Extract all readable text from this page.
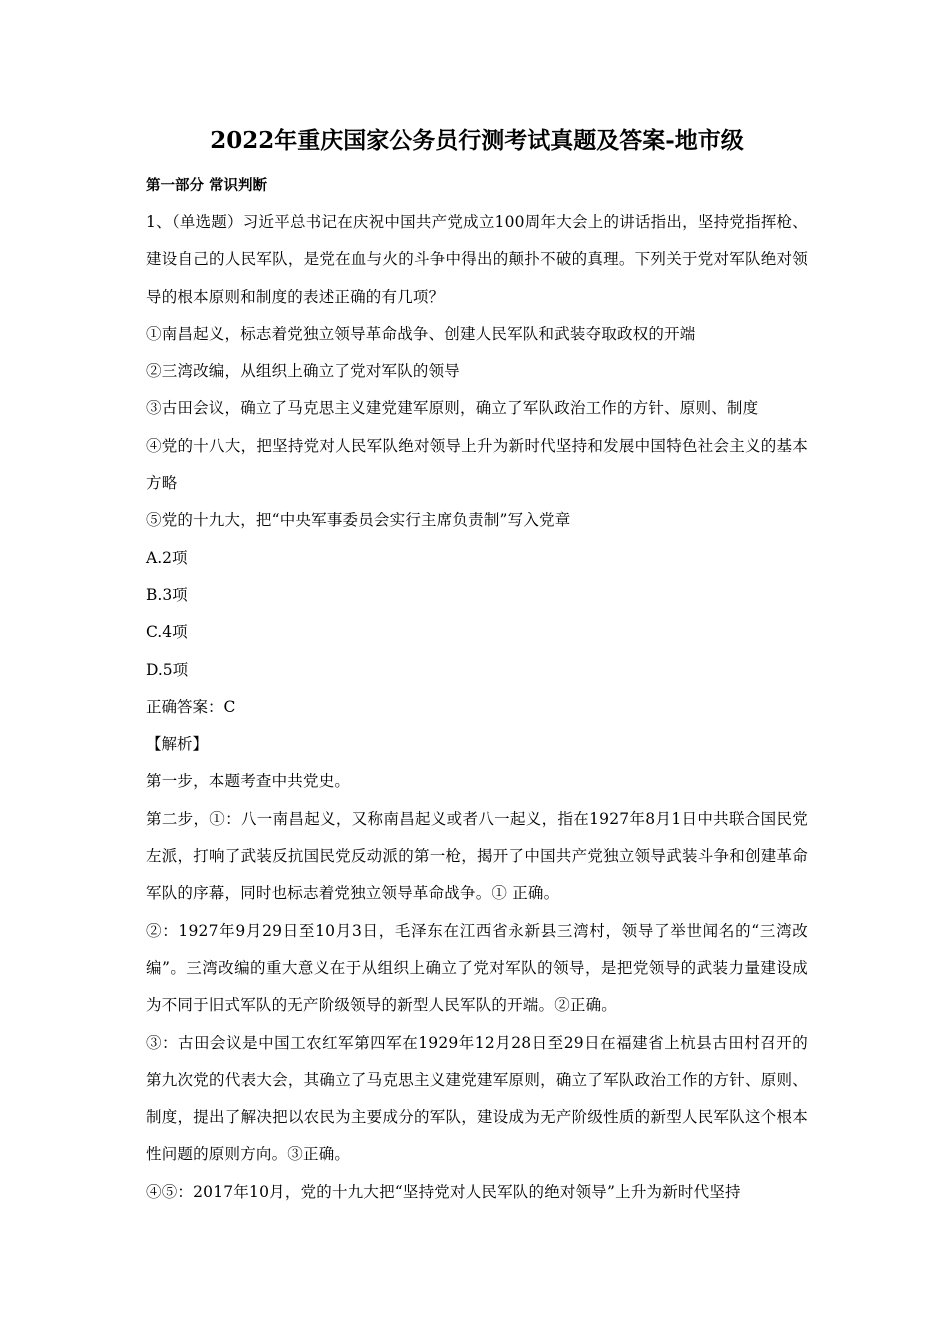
2022年重庆国家公务员行测考试真题及答案-地市级
第一部分 常识判断

1、（单选题）习近平总书记在庆祝中国共产党成立100周年大会上的讲话指出，坚持党指挥枪、建设自己的人民军队，是党在血与火的斗争中得出的颠扑不破的真理。下列关于党对军队绝对领导的根本原则和制度的表述正确的有几项？

①南昌起义，标志着党独立领导革命战争、创建人民军队和武装夺取政权的开端

②三湾改编，从组织上确立了党对军队的领导

③古田会议，确立了马克思主义建党建军原则，确立了军队政治工作的方针、原则、制度

④党的十八大，把坚持党对人民军队绝对领导上升为新时代坚持和发展中国特色社会主义的基本方略

⑤党的十九大，把“中央军事委员会实行主席负责制”写入党章

A.2项

B.3项

C.4项

D.5项

正确答案：C

【解析】

第一步，本题考查中共党史。

第二步，①：八一南昌起义，又称南昌起义或者八一起义，指在1927年8月1日中共联合国民党左派，打响了武装反抗国民党反动派的第一枪，揭开了中国共产党独立领导武装斗争和创建革命军队的序幕，同时也标志着党独立领导革命战争。① 正确。

②：1927年9月29日至10月3日，毛泽东在江西省永新县三湾村，领导了举世闻名的“三湾改编”。三湾改编的重大意义在于从组织上确立了党对军队的领导，是把党领导的武装力量建设成为不同于旧式军队的无产阶级领导的新型人民军队的开端。②正确。

③：古田会议是中国工农红军第四军在1929年12月28日至29日在福建省上杭县古田村召开的第九次党的代表大会，其确立了马克思主义建党建军原则，确立了军队政治工作的方针、原则、制度，提出了解决把以农民为主要成分的军队，建设成为无产阶级性质的新型人民军队这个根本性问题的原则方向。③正确。

④⑤：2017年10月，党的十九大把“坚持党对人民军队的绝对领导”上升为新时代坚持
